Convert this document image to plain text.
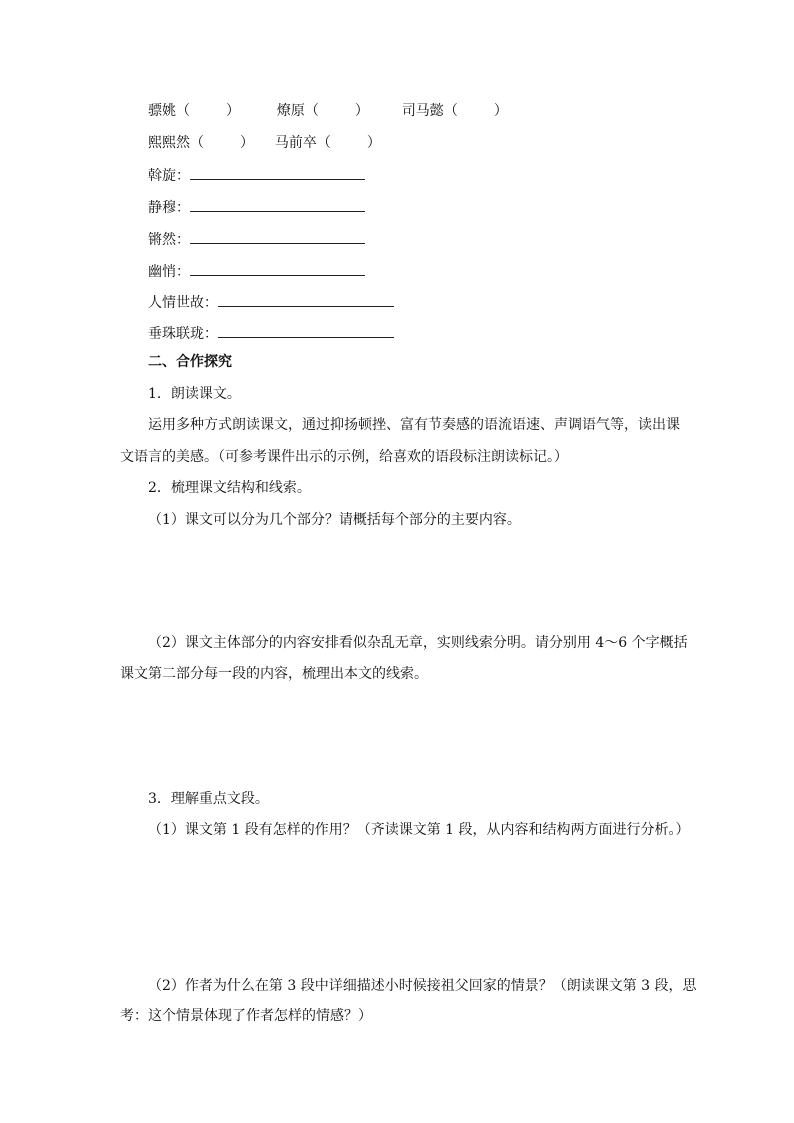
骠姚（	）	燎原（	） 司马懿（	）
熙熙然（	） 马前卒（	）
斡旋：
静穆：
锵然：
幽悄：
人情世故：
垂珠联珑：
二、合作探究
1．朗读课文。
运用多种方式朗读课文，通过抑扬顿挫、富有节奏感的语流语速、声调语气等，读出课
文语言的美感。（可参考课件出示的示例，给喜欢的语段标注朗读标记。）
2．梳理课文结构和线索。
（1）课文可以分为几个部分？请概括每个部分的主要内容。
（2）课文主体部分的内容安排看似杂乱无章，实则线索分明。请分别用 4～6 个字概括
课文第二部分每一段的内容，梳理出本文的线索。
3．理解重点文段。
（1）课文第 1 段有怎样的作用？（齐读课文第 1 段，从内容和结构两方面进行分析。）
（2）作者为什么在第 3 段中详细描述小时候接祖父回家的情景？（朗读课文第 3 段，思
考：这个情景体现了作者怎样的情感？）
